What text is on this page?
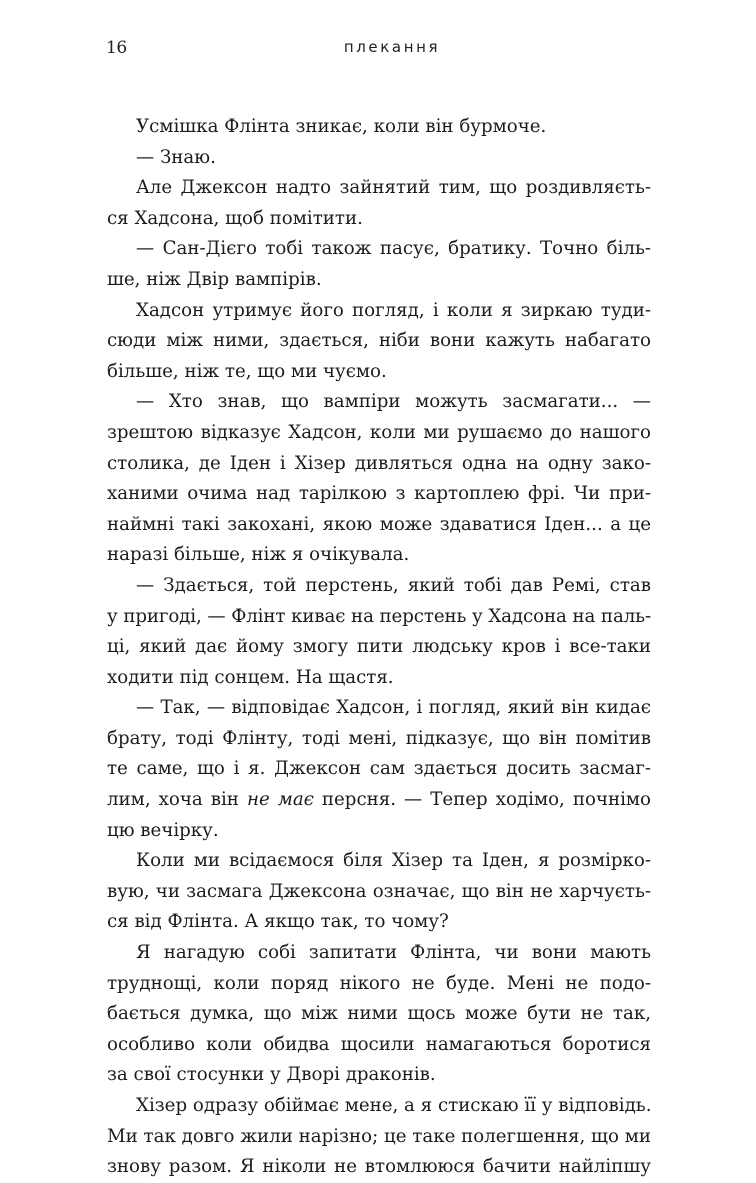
16	плекання
Усмішка Флінта зникає, коли він бурмоче.
— Знаю.
Але Джексон надто зайнятий тим, що роздивляєть-
ся Хадсона, щоб помітити.
— Сан-Дієго тобі також пасує, братику. Точно біль-
ше, ніж Двір вампірів.
Хадсон утримує його погляд, і коли я зиркаю туди-
сюди між ними, здається, ніби вони кажуть набагато
більше, ніж те, що ми чуємо.
— Хто знав, що вампіри можуть засмагати... —
зрештою відказує Хадсон, коли ми рушаємо до нашого
столика, де Іден і Хізер дивляться одна на одну зако-
ханими очима над тарілкою з картоплею фрі. Чи при-
наймні такі закохані, якою може здаватися Іден... а це
наразі більше, ніж я очікувала.
— Здається, той перстень, який тобі дав Ремі, став
у пригоді, — Флінт киває на перстень у Хадсона на паль-
ці, який дає йому змогу пити людську кров і все-таки
ходити під сонцем. На щастя.
— Так, — відповідає Хадсон, і погляд, який він кидає
брату, тоді Флінту, тоді мені, підказує, що він помітив
те саме, що і я. Джексон сам здається досить засмаг-
лим, хоча він не має персня. — Тепер ходімо, почнімо
цю вечірку.
Коли ми всідаємося біля Хізер та Іден, я розмірко-
вую, чи засмага Джексона означає, що він не харчуєть-
ся від Флінта. А якщо так, то чому?
Я нагадую собі запитати Флінта, чи вони мають
труднощі, коли поряд нікого не буде. Мені не подо-
бається думка, що між ними щось може бути не так,
особливо коли обидва щосили намагаються боротися
за свої стосунки у Дворі драконів.
Хізер одразу обіймає мене, а я стискаю її у відповідь.
Ми так довго жили нарізно; це таке полегшення, що ми
знову разом. Я ніколи не втомлююся бачити найліпшу
